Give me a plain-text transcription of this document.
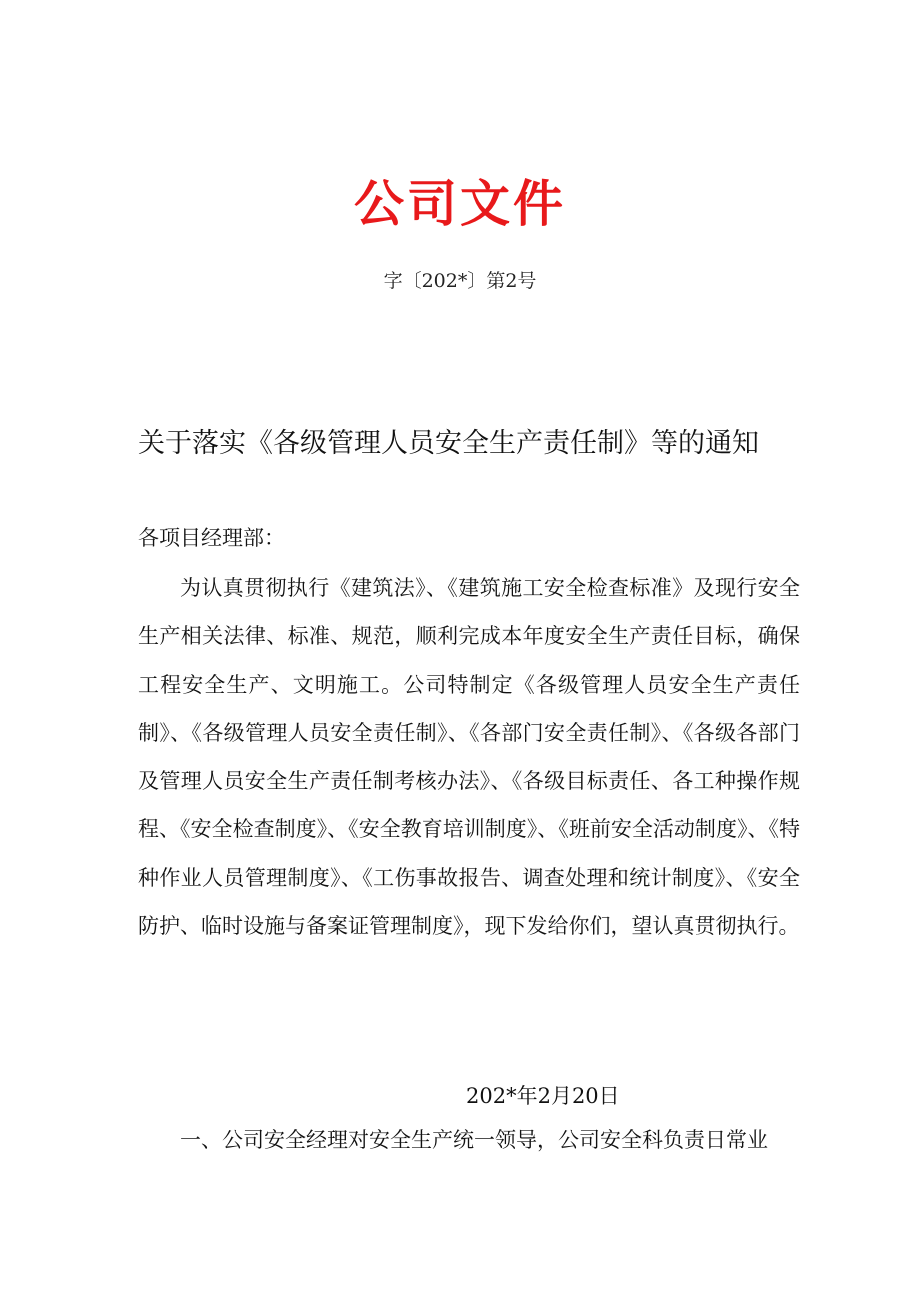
公司文件
字〔202*〕第2号
关于落实《各级管理人员安全生产责任制》等的通知
各项目经理部：

为认真贯彻执行《建筑法》、《建筑施工安全检查标准》及现行安全生产相关法律、标准、规范，顺利完成本年度安全生产责任目标，确保工程安全生产、文明施工。公司特制定《各级管理人员安全生产责任制》、《各级管理人员安全责任制》、《各部门安全责任制》、《各级各部门及管理人员安全生产责任制考核办法》、《各级目标责任、各工种操作规程、《安全检查制度》、《安全教育培训制度》、《班前安全活动制度》、《特种作业人员管理制度》、《工伤事故报告、调查处理和统计制度》、《安全防护、临时设施与备案证管理制度》，现下发给你们，望认真贯彻执行。

202*年2月20日
一、公司安全经理对安全生产统一领导，公司安全科负责日常业
